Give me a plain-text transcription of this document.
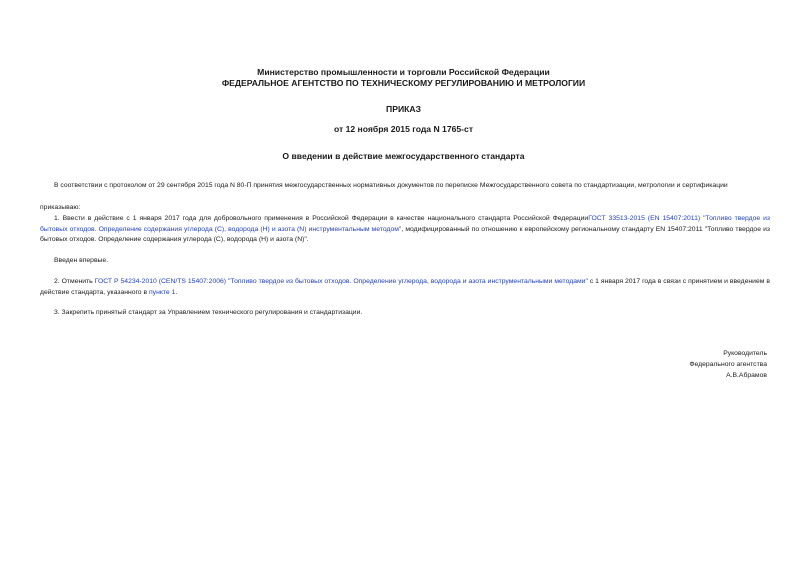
Министерство промышленности и торговли Российской Федерации
ФЕДЕРАЛЬНОЕ АГЕНТСТВО ПО ТЕХНИЧЕСКОМУ РЕГУЛИРОВАНИЮ И МЕТРОЛОГИИ
ПРИКАЗ
от 12 ноября 2015 года N 1765-ст
О введении в действие межгосударственного стандарта
В соответствии с протоколом от 29 сентября 2015 года N 80-П принятия межгосударственных нормативных документов по переписке Межгосударственного совета по стандартизации, метрологии и сертификации
приказываю:
1. Ввести в действие с 1 января 2017 года для добровольного применения в Российской Федерации в качестве национального стандарта Российской ФедерацииГОСТ 33513-2015 (EN 15407:2011) "Топливо твердое из бытовых отходов. Определение содержания углерода (С), водорода (Н) и азота (N) инструментальным методом", модифицированный по отношению к европейскому региональному стандарту EN 15407:2011 "Топливо твердое из бытовых отходов. Определение содержания углерода (С), водорода (Н) и азота (N)".
Введен впервые.
2. Отменить ГОСТ Р 54234-2010 (CEN/TS 15407:2006) "Топливо твердое из бытовых отходов. Определение углерода, водорода и азота инструментальными методами" с 1 января 2017 года в связи с принятием и введением в действие стандарта, указанного в пункте 1.
3. Закрепить принятый стандарт за Управлением технического регулирования и стандартизации.
Руководитель
Федерального агентства
А.В.Абрамов
